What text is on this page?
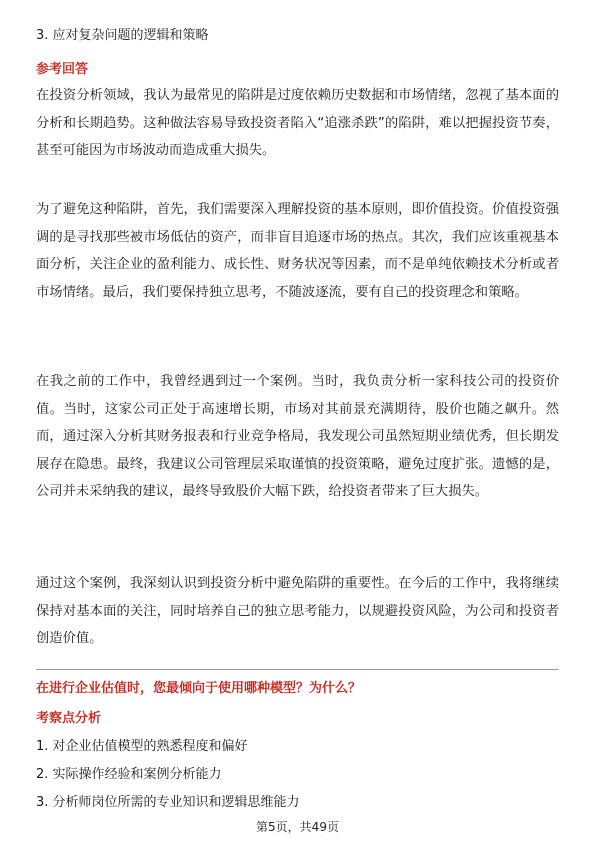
3. 应对复杂问题的逻辑和策略
参考回答
在投资分析领域，我认为最常见的陷阱是过度依赖历史数据和市场情绪，忽视了基本面的分析和长期趋势。这种做法容易导致投资者陷入“追涨杀跌”的陷阱，难以把握投资节奏，甚至可能因为市场波动而造成重大损失。
为了避免这种陷阱，首先，我们需要深入理解投资的基本原则，即价值投资。价值投资强调的是寻找那些被市场低估的资产，而非盲目追逐市场的热点。其次，我们应该重视基本面分析，关注企业的盈利能力、成长性、财务状况等因素，而不是单纯依赖技术分析或者市场情绪。最后，我们要保持独立思考，不随波逐流，要有自己的投资理念和策略。
在我之前的工作中，我曾经遇到过一个案例。当时，我负责分析一家科技公司的投资价值。当时，这家公司正处于高速增长期，市场对其前景充满期待，股价也随之飙升。然而，通过深入分析其财务报表和行业竞争格局，我发现公司虽然短期业绩优秀，但长期发展存在隐患。最终，我建议公司管理层采取谨慎的投资策略，避免过度扩张。遗憾的是，公司并未采纳我的建议，最终导致股价大幅下跌，给投资者带来了巨大损失。
通过这个案例，我深刻认识到投资分析中避免陷阱的重要性。在今后的工作中，我将继续保持对基本面的关注，同时培养自己的独立思考能力，以规避投资风险，为公司和投资者创造价值。
在进行企业估值时，您最倾向于使用哪种模型？为什么？
考察点分析
1. 对企业估值模型的熟悉程度和偏好
2. 实际操作经验和案例分析能力
3. 分析师岗位所需的专业知识和逻辑思维能力
第5页，共49页
